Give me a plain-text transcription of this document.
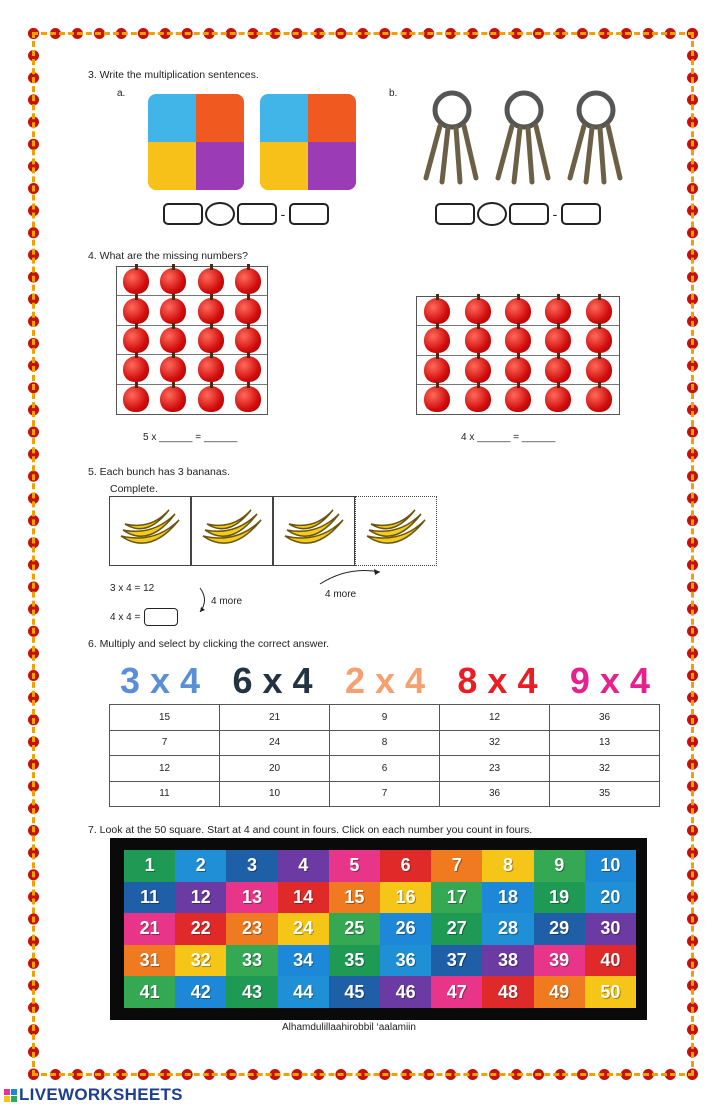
3. Write the multiplication sentences.
a.	b.
-	-
4. What are the missing numbers?
5 x ______ = ______	4 x ______ = ______
5. Each bunch has 3 bananas.
Complete.
4 more
3 x 4 = 12
4 more
4 x 4 =
6. Multiply and select by clicking the correct answer.
3 x 4 6 x 4 2 x 4 8 x 4 9 x 4
15	21	9	12	36
7	24	8	32	13
12	20	6	23	32
11	10	7	36	35
7. Look at the 50 square. Start at 4 and count in fours. Click on each number you count in fours.
1	2	3	4	5	6	7	8	9	10
11	12	13	14	15	16	17	18	19	20
21	22	23	24	25	26	27	28	29	30
31	32	33	34	35	36	37	38	39	40
41	42	43	44	45	46	47	48	49	50
Alhamdulillaahirobbil ‘aalamiin
LIVEWORKSHEETS
